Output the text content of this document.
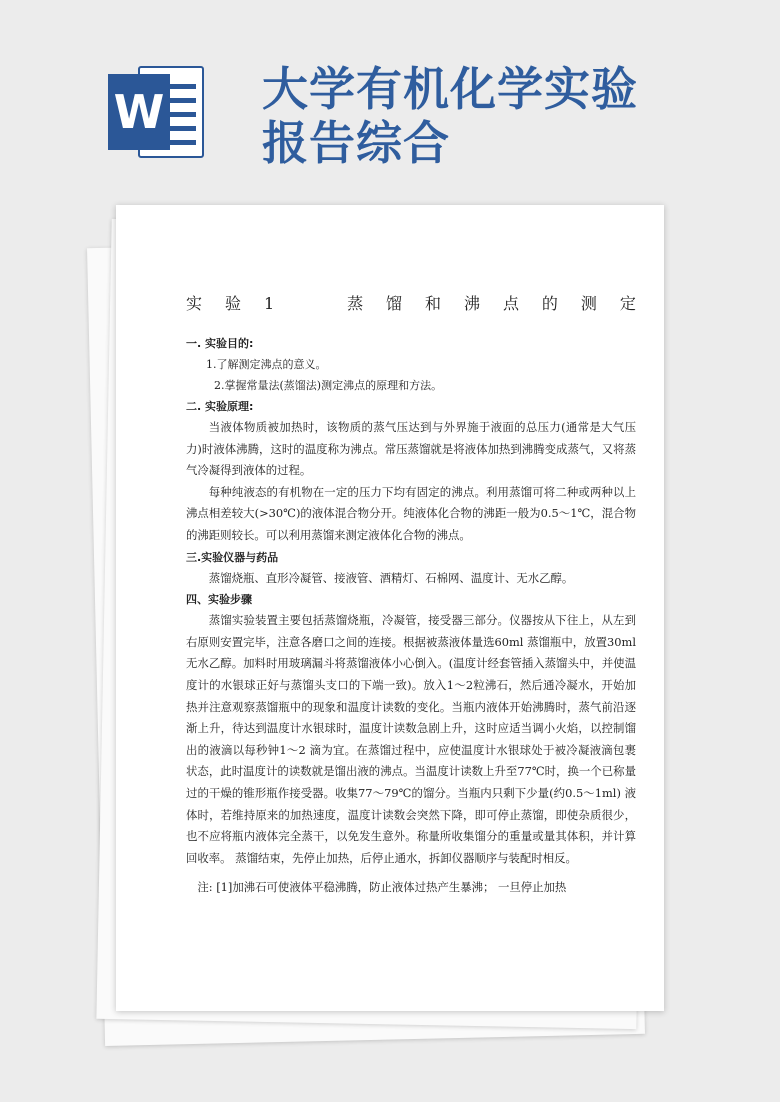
W 大学有机化学实验
报告综合
实 验 1	蒸 馏 和 沸 点 的 测 定

一. 实验目的:

1.了解测定沸点的意义。

2.掌握常量法(蒸馏法)测定沸点的原理和方法。

二. 实验原理:

当液体物质被加热时，该物质的蒸气压达到与外界施于液面的总压力(通常是大气压力)时液体沸腾，这时的温度称为沸点。常压蒸馏就是将液体加热到沸腾变成蒸气，又将蒸气冷凝得到液体的过程。

每种纯液态的有机物在一定的压力下均有固定的沸点。利用蒸馏可将二种或两种以上沸点相差较大(>30℃)的液体混合物分开。纯液体化合物的沸距一般为0.5～1℃，混合物的沸距则较长。可以利用蒸馏来测定液体化合物的沸点。

三.实验仪器与药品

蒸馏烧瓶、直形冷凝管、接液管、酒精灯、石棉网、温度计、无水乙醇。

四、实验步骤

蒸馏实验装置主要包括蒸馏烧瓶，冷凝管，接受器三部分。仪器按从下往上，从左到右原则安置完毕，注意各磨口之间的连接。根据被蒸液体量选60ml 蒸馏瓶中，放置30ml 无水乙醇。加料时用玻璃漏斗将蒸馏液体小心倒入。(温度计经套管插入蒸馏头中，并使温度计的水银球正好与蒸馏头支口的下端一致)。放入1～2粒沸石，然后通冷凝水，开始加热并注意观察蒸馏瓶中的现象和温度计读数的变化。当瓶内液体开始沸腾时，蒸气前沿逐渐上升，待达到温度计水银球时，温度计读数急剧上升，这时应适当调小火焰，以控制馏出的液滴以每秒钟1～2 滴为宜。在蒸馏过程中，应使温度计水银球处于被冷凝液滴包裹状态，此时温度计的读数就是馏出液的沸点。当温度计读数上升至77℃时，换一个已称量过的干燥的锥形瓶作接受器。收集77～79℃的馏分。当瓶内只剩下少量(约0.5～1ml) 液体时，若维持原来的加热速度，温度计读数会突然下降，即可停止蒸馏，即使杂质很少，也不应将瓶内液体完全蒸干，以免发生意外。称量所收集馏分的重量或量其体积，并计算回收率。 蒸馏结束，先停止加热，后停止通水，拆卸仪器顺序与装配时相反。

注: [1]加沸石可使液体平稳沸腾，防止液体过热产生暴沸； 一旦停止加热
